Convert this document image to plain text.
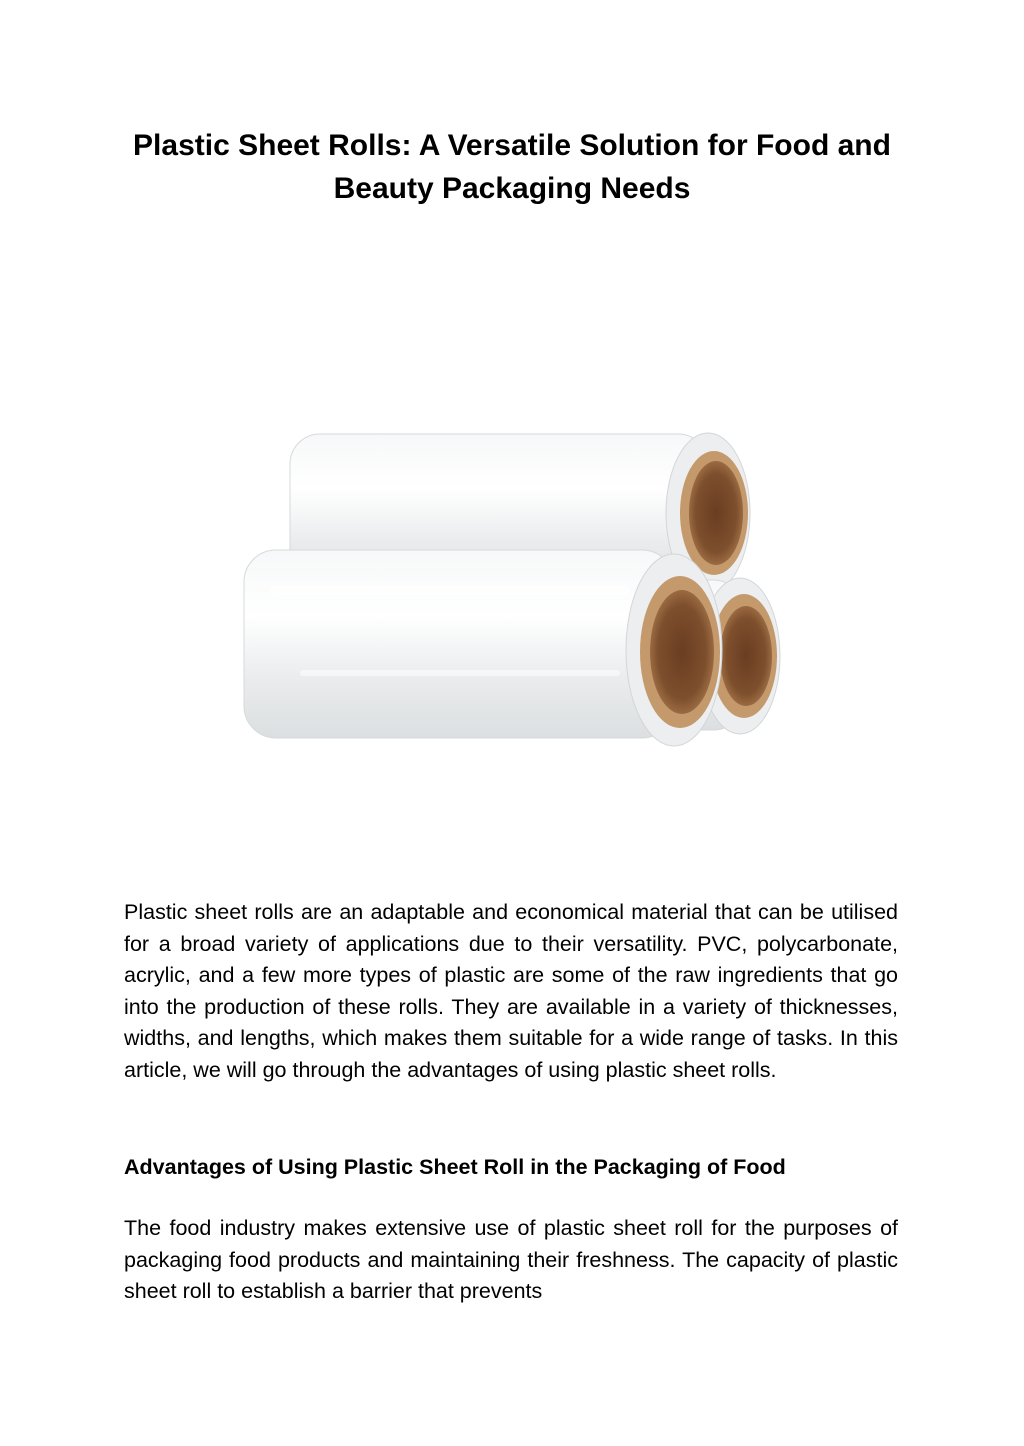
Plastic Sheet Rolls: A Versatile Solution for Food and Beauty Packaging Needs

Plastic sheet rolls are an adaptable and economical material that can be utilised for a broad variety of applications due to their versatility. PVC, polycarbonate, acrylic, and a few more types of plastic are some of the raw ingredients that go into the production of these rolls. They are available in a variety of thicknesses, widths, and lengths, which makes them suitable for a wide range of tasks. In this article, we will go through the advantages of using plastic sheet rolls.

Advantages of Using Plastic Sheet Roll in the Packaging of Food

The food industry makes extensive use of plastic sheet roll for the purposes of packaging food products and maintaining their freshness. The capacity of plastic sheet roll to establish a barrier that prevents
